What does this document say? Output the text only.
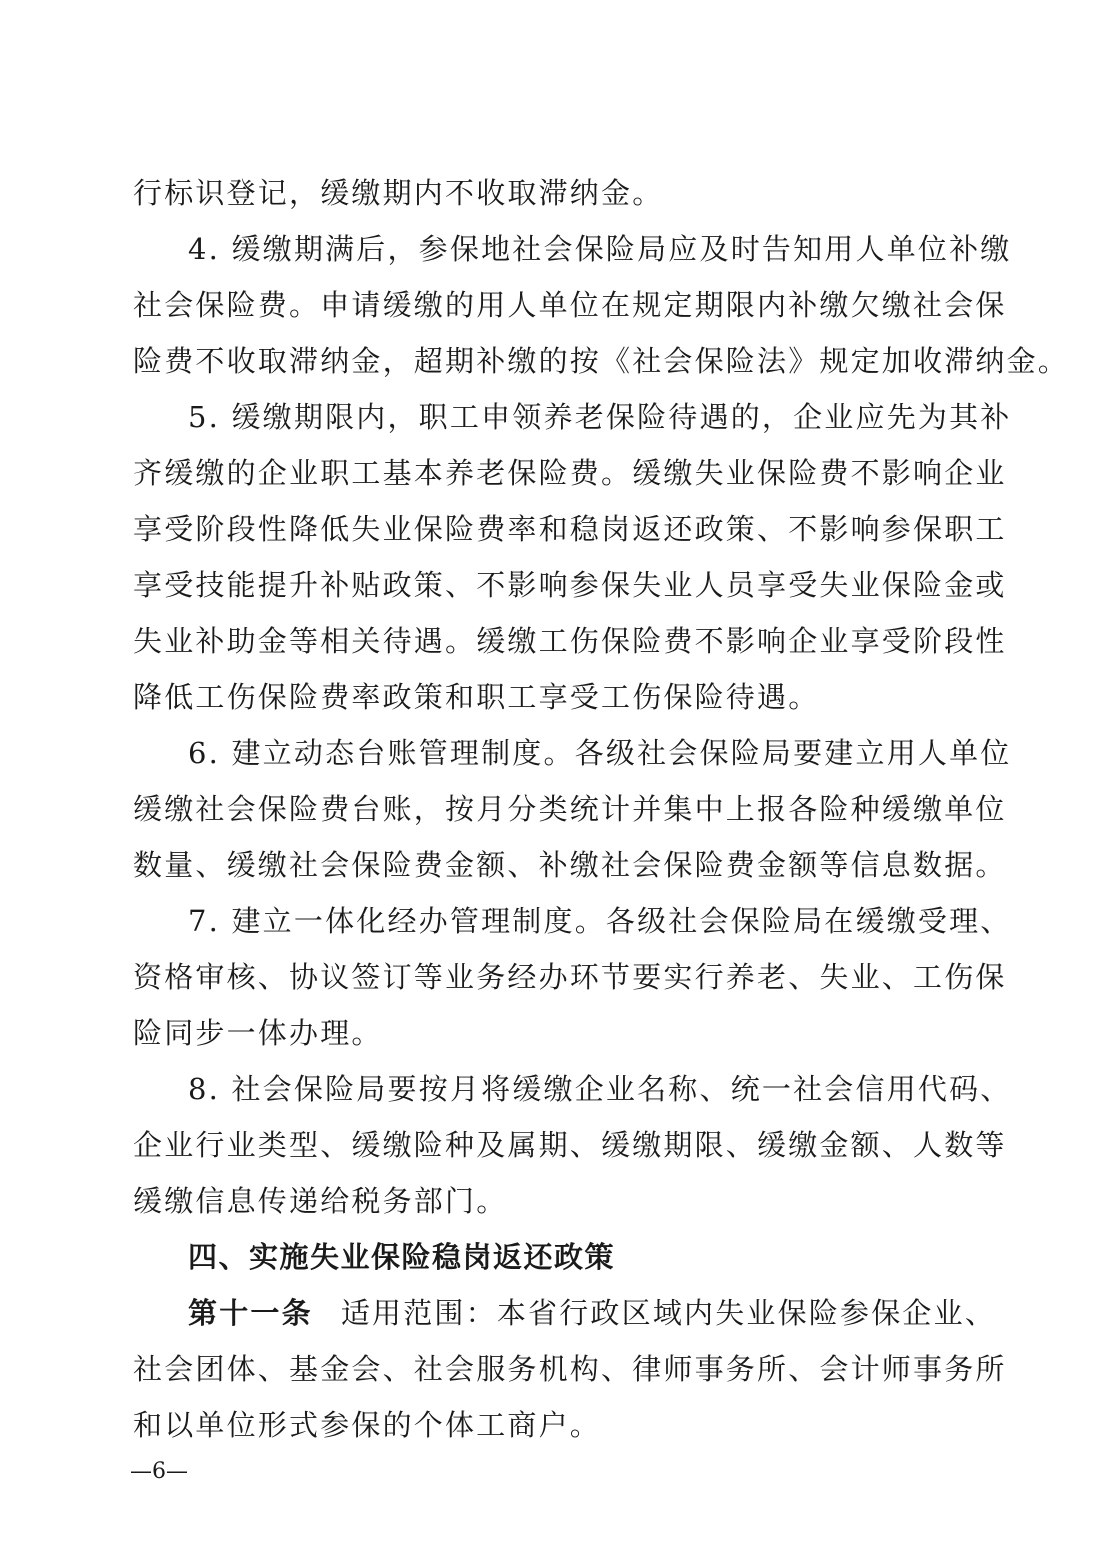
行标识登记，缓缴期内不收取滞纳金。
4. 缓缴期满后，参保地社会保险局应及时告知用人单位补缴
社会保险费。申请缓缴的用人单位在规定期限内补缴欠缴社会保
险费不收取滞纳金，超期补缴的按《社会保险法》规定加收滞纳金。
5. 缓缴期限内，职工申领养老保险待遇的，企业应先为其补
齐缓缴的企业职工基本养老保险费。缓缴失业保险费不影响企业
享受阶段性降低失业保险费率和稳岗返还政策、不影响参保职工
享受技能提升补贴政策、不影响参保失业人员享受失业保险金或
失业补助金等相关待遇。缓缴工伤保险费不影响企业享受阶段性
降低工伤保险费率政策和职工享受工伤保险待遇。
6. 建立动态台账管理制度。各级社会保险局要建立用人单位
缓缴社会保险费台账，按月分类统计并集中上报各险种缓缴单位
数量、缓缴社会保险费金额、补缴社会保险费金额等信息数据。
7. 建立一体化经办管理制度。各级社会保险局在缓缴受理、
资格审核、协议签订等业务经办环节要实行养老、失业、工伤保
险同步一体办理。
8. 社会保险局要按月将缓缴企业名称、统一社会信用代码、
企业行业类型、缓缴险种及属期、缓缴期限、缓缴金额、人数等
缓缴信息传递给税务部门。
四、实施失业保险稳岗返还政策
第十一条 适用范围：本省行政区域内失业保险参保企业、
社会团体、基金会、社会服务机构、律师事务所、会计师事务所
和以单位形式参保的个体工商户。
—6—
